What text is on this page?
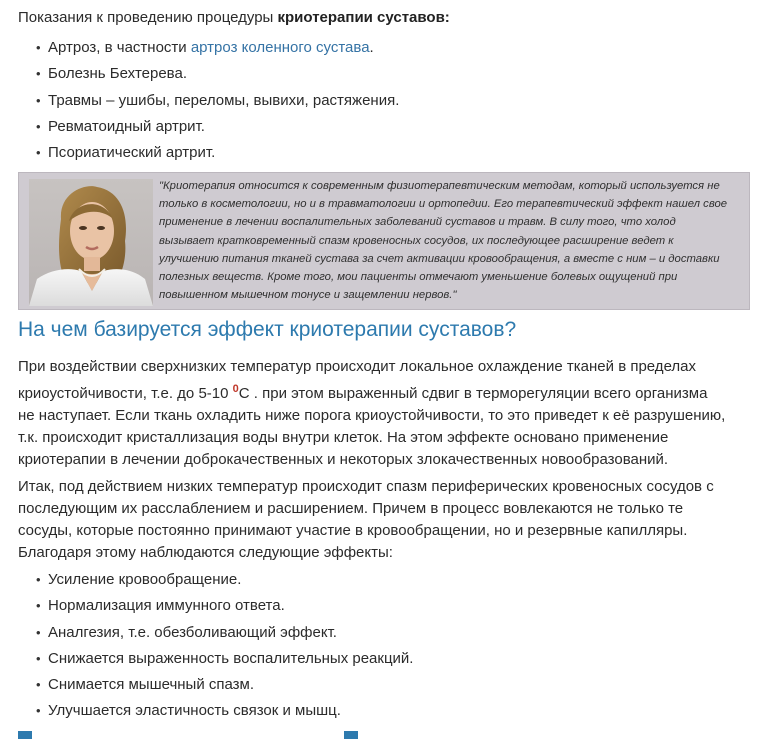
Показания к проведению процедуры криотерапии суставов:

• Артроз, в частности артроз коленного сустава.
• Болезнь Бехтерева.
• Травмы – ушибы, переломы, вывихи, растяжения.
• Ревматоидный артрит.
• Псориатический артрит.
"Криотерапия относится к современным физиотерапевтическим методам, который используется не
только в косметологии, но и в травматологии и ортопедии. Его терапевтический эффект нашел свое
применение в лечении воспалительных заболеваний суставов и травм. В силу того, что холод
вызывает кратковременный спазм кровеносных сосудов, их последующее расширение ведет к
улучшению питания тканей сустава за счет активации кровообращения, а вместе с ним – и доставки
полезных веществ. Кроме того, мои пациенты отмечают уменьшение болевых ощущений при
повышенном мышечном тонусе и защемлении нервов."
На чем базируется эффект криотерапии суставов?

При воздействии сверхнизких температур происходит локальное охлаждение тканей в пределах
криоустойчивости, т.е. до 5-10 $^0$С . при этом выраженный сдвиг в терморегуляции всего организма
не наступает. Если ткань охладить ниже порога криоустойчивости, то это приведет к её разрушению,
т.к. происходит кристаллизация воды внутри клеток. На этом эффекте основано применение
криотерапии в лечении доброкачественных и некоторых злокачественных новообразований.

Итак, под действием низких температур происходит спазм периферических кровеносных сосудов с
последующим их расслаблением и расширением. Причем в процесс вовлекаются не только те
сосуды, которые постоянно принимают участие в кровообращении, но и резервные капилляры.
Благодаря этому наблюдаются следующие эффекты:

• Усиление кровообращение.
• Нормализация иммунного ответа.
• Аналгезия, т.е. обезболивающий эффект.
• Снижается выраженность воспалительных реакций.
• Снимается мышечный спазм.
• Улучшается эластичность связок и мышц.
